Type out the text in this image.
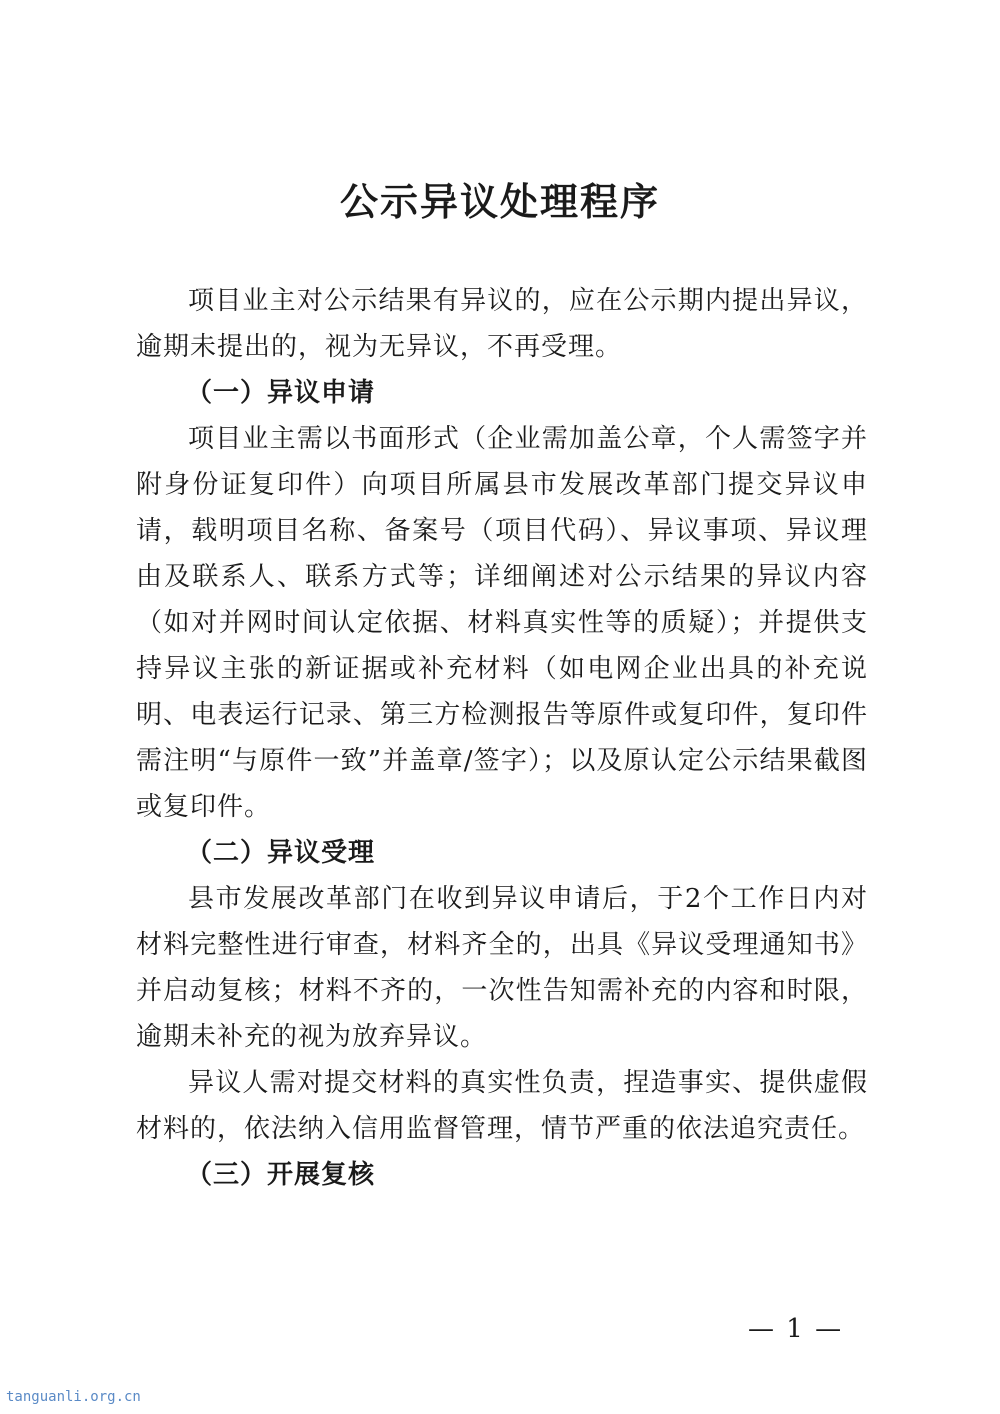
公示异议处理程序

项目业主对公示结果有异议的，应在公示期内提出异议，逾期未提出的，视为无异议，不再受理。

（一）异议申请

项目业主需以书面形式（企业需加盖公章，个人需签字并附身份证复印件）向项目所属县市发展改革部门提交异议申请，载明项目名称、备案号（项目代码）、异议事项、异议理由及联系人、联系方式等；详细阐述对公示结果的异议内容（如对并网时间认定依据、材料真实性等的质疑）；并提供支持异议主张的新证据或补充材料（如电网企业出具的补充说明、电表运行记录、第三方检测报告等原件或复印件，复印件需注明“与原件一致”并盖章/签字）；以及原认定公示结果截图或复印件。

（二）异议受理

县市发展改革部门在收到异议申请后，于2个工作日内对材料完整性进行审查，材料齐全的，出具《异议受理通知书》并启动复核；材料不齐的，一次性告知需补充的内容和时限，逾期未补充的视为放弃异议。

异议人需对提交材料的真实性负责，捏造事实、提供虚假材料的，依法纳入信用监督管理，情节严重的依法追究责任。

（三）开展复核

— 1 —
tanguanli.org.cn
